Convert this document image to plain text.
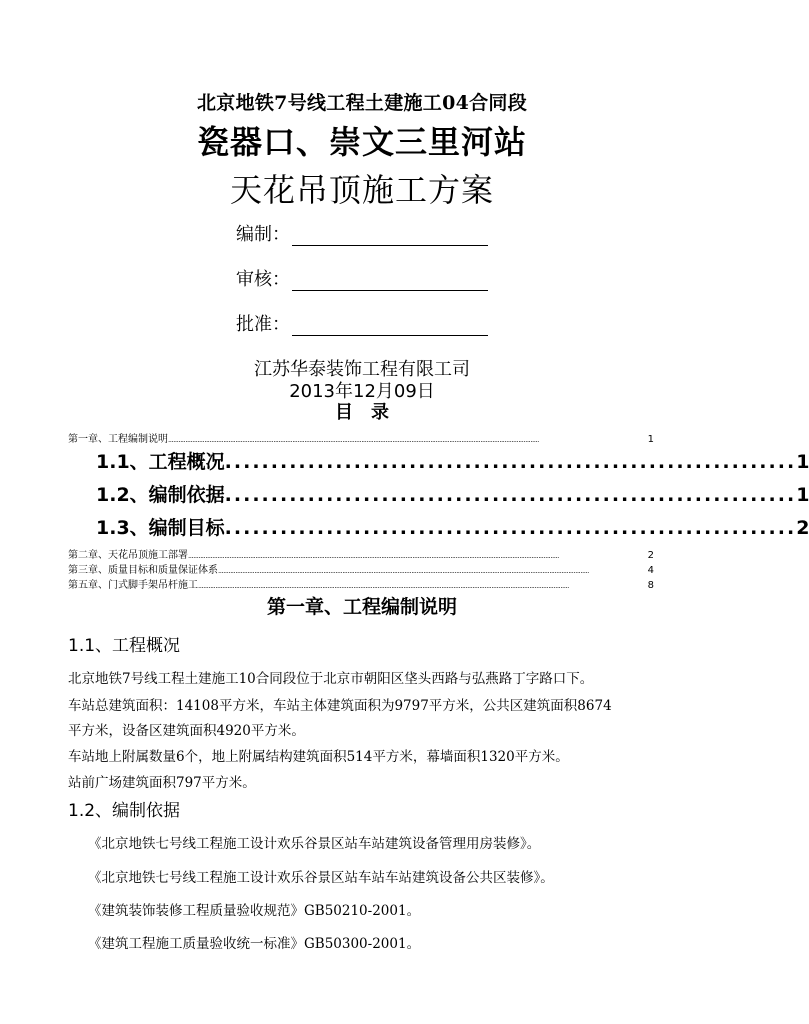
北京地铁7号线工程土建施工04合同段
瓷器口、崇文三里河站
天花吊顶施工方案
编制：
审核：
批准：
江苏华泰装饰工程有限工司
2013年12月09日
目　录
第一章、工程编制说明 .......................................................................................................................................................................................................................	1
1.1、工程概况 .............................................................. 1
1.2、编制依据 .............................................................. 1
1.3、编制目标 .............................................................. 2
第二章、天花吊顶施工部署 .......................................................................................................................................................................................................................	2
第三章、质量目标和质量保证体系 .......................................................................................................................................................................................................................	4
第五章、门式脚手架吊杆施工 .......................................................................................................................................................................................................................	8
第一章、工程编制说明
1.1、工程概况
北京地铁7号线工程土建施工10合同段位于北京市朝阳区垡头西路与弘燕路丁字路口下。
车站总建筑面积：14108平方米，车站主体建筑面积为9797平方米，公共区建筑面积8674
平方米，设备区建筑面积4920平方米。
车站地上附属数量6个，地上附属结构建筑面积514平方米，幕墙面积1320平方米。
站前广场建筑面积797平方米。
1.2、编制依据
《北京地铁七号线工程施工设计欢乐谷景区站车站建筑设备管理用房装修》。
《北京地铁七号线工程施工设计欢乐谷景区站车站车站建筑设备公共区装修》。
《建筑装饰装修工程质量验收规范》GB50210-2001。
《建筑工程施工质量验收统一标准》GB50300-2001。
